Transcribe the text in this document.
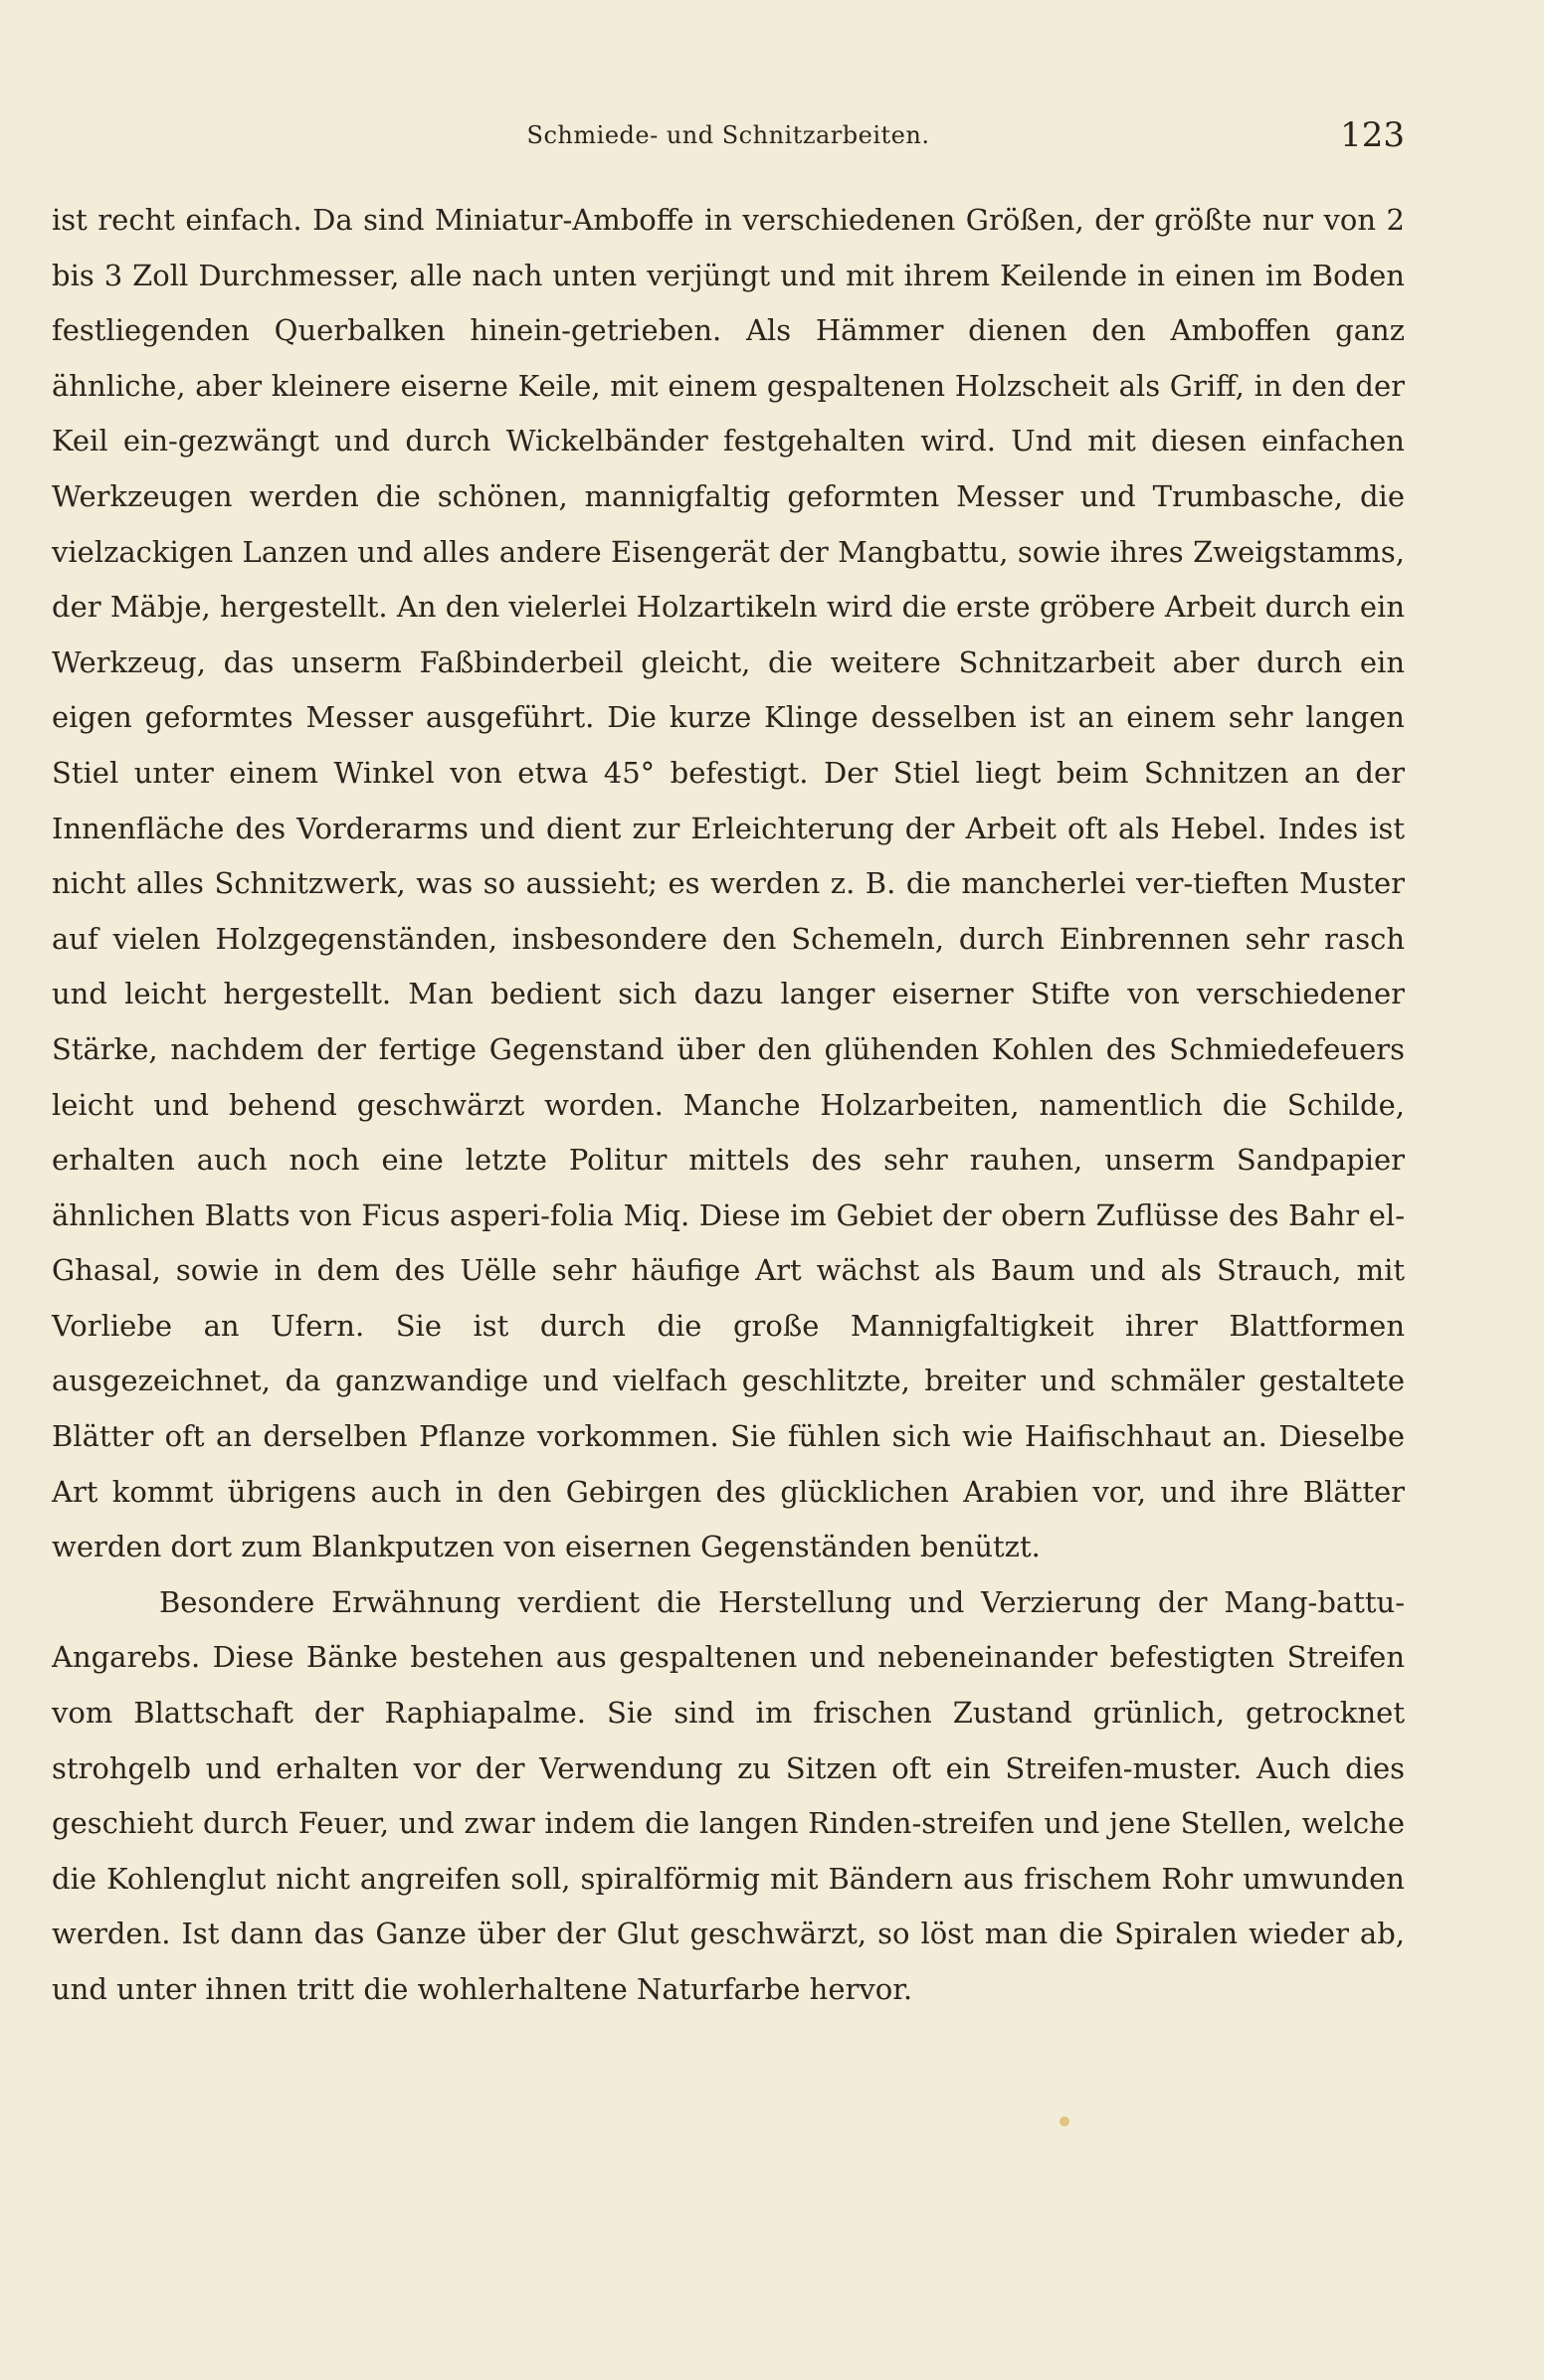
Schmiede- und Schnitzarbeiten.	123

ist recht einfach. Da sind Miniatur-Amboffe in verschiedenen Größen, der größte nur von 2 bis 3 Zoll Durchmesser, alle nach unten verjüngt und mit ihrem Keilende in einen im Boden festliegenden Querbalken hinein-getrieben. Als Hämmer dienen den Amboffen ganz ähnliche, aber kleinere eiserne Keile, mit einem gespaltenen Holzscheit als Griff, in den der Keil ein-gezwängt und durch Wickelbänder festgehalten wird. Und mit diesen einfachen Werkzeugen werden die schönen, mannigfaltig geformten Messer und Trumbasche, die vielzackigen Lanzen und alles andere Eisengerät der Mangbattu, sowie ihres Zweigstamms, der Mäbje, hergestellt. An den vielerlei Holzartikeln wird die erste gröbere Arbeit durch ein Werkzeug, das unserm Faßbinderbeil gleicht, die weitere Schnitzarbeit aber durch ein eigen geformtes Messer ausgeführt. Die kurze Klinge desselben ist an einem sehr langen Stiel unter einem Winkel von etwa 45° befestigt. Der Stiel liegt beim Schnitzen an der Innenfläche des Vorderarms und dient zur Erleichterung der Arbeit oft als Hebel. Indes ist nicht alles Schnitzwerk, was so aussieht; es werden z. B. die mancherlei ver-tieften Muster auf vielen Holzgegenständen, insbesondere den Schemeln, durch Einbrennen sehr rasch und leicht hergestellt. Man bedient sich dazu langer eiserner Stifte von verschiedener Stärke, nachdem der fertige Gegenstand über den glühenden Kohlen des Schmiedefeuers leicht und behend geschwärzt worden. Manche Holzarbeiten, namentlich die Schilde, erhalten auch noch eine letzte Politur mittels des sehr rauhen, unserm Sandpapier ähnlichen Blatts von Ficus asperi-folia Miq. Diese im Gebiet der obern Zuflüsse des Bahr el-Ghasal, sowie in dem des Uëlle sehr häufige Art wächst als Baum und als Strauch, mit Vorliebe an Ufern. Sie ist durch die große Mannigfaltigkeit ihrer Blattformen ausgezeichnet, da ganzwandige und vielfach geschlitzte, breiter und schmäler gestaltete Blätter oft an derselben Pflanze vorkommen. Sie fühlen sich wie Haifischhaut an. Dieselbe Art kommt übrigens auch in den Gebirgen des glücklichen Arabien vor, und ihre Blätter werden dort zum Blankputzen von eisernen Gegenständen benützt.

Besondere Erwähnung verdient die Herstellung und Verzierung der Mang-battu-Angarebs. Diese Bänke bestehen aus gespaltenen und nebeneinander befestigten Streifen vom Blattschaft der Raphiapalme. Sie sind im frischen Zustand grünlich, getrocknet strohgelb und erhalten vor der Verwendung zu Sitzen oft ein Streifen-muster. Auch dies geschieht durch Feuer, und zwar indem die langen Rinden-streifen und jene Stellen, welche die Kohlenglut nicht angreifen soll, spiralförmig mit Bändern aus frischem Rohr umwunden werden. Ist dann das Ganze über der Glut geschwärzt, so löst man die Spiralen wieder ab, und unter ihnen tritt die wohlerhaltene Naturfarbe hervor.
